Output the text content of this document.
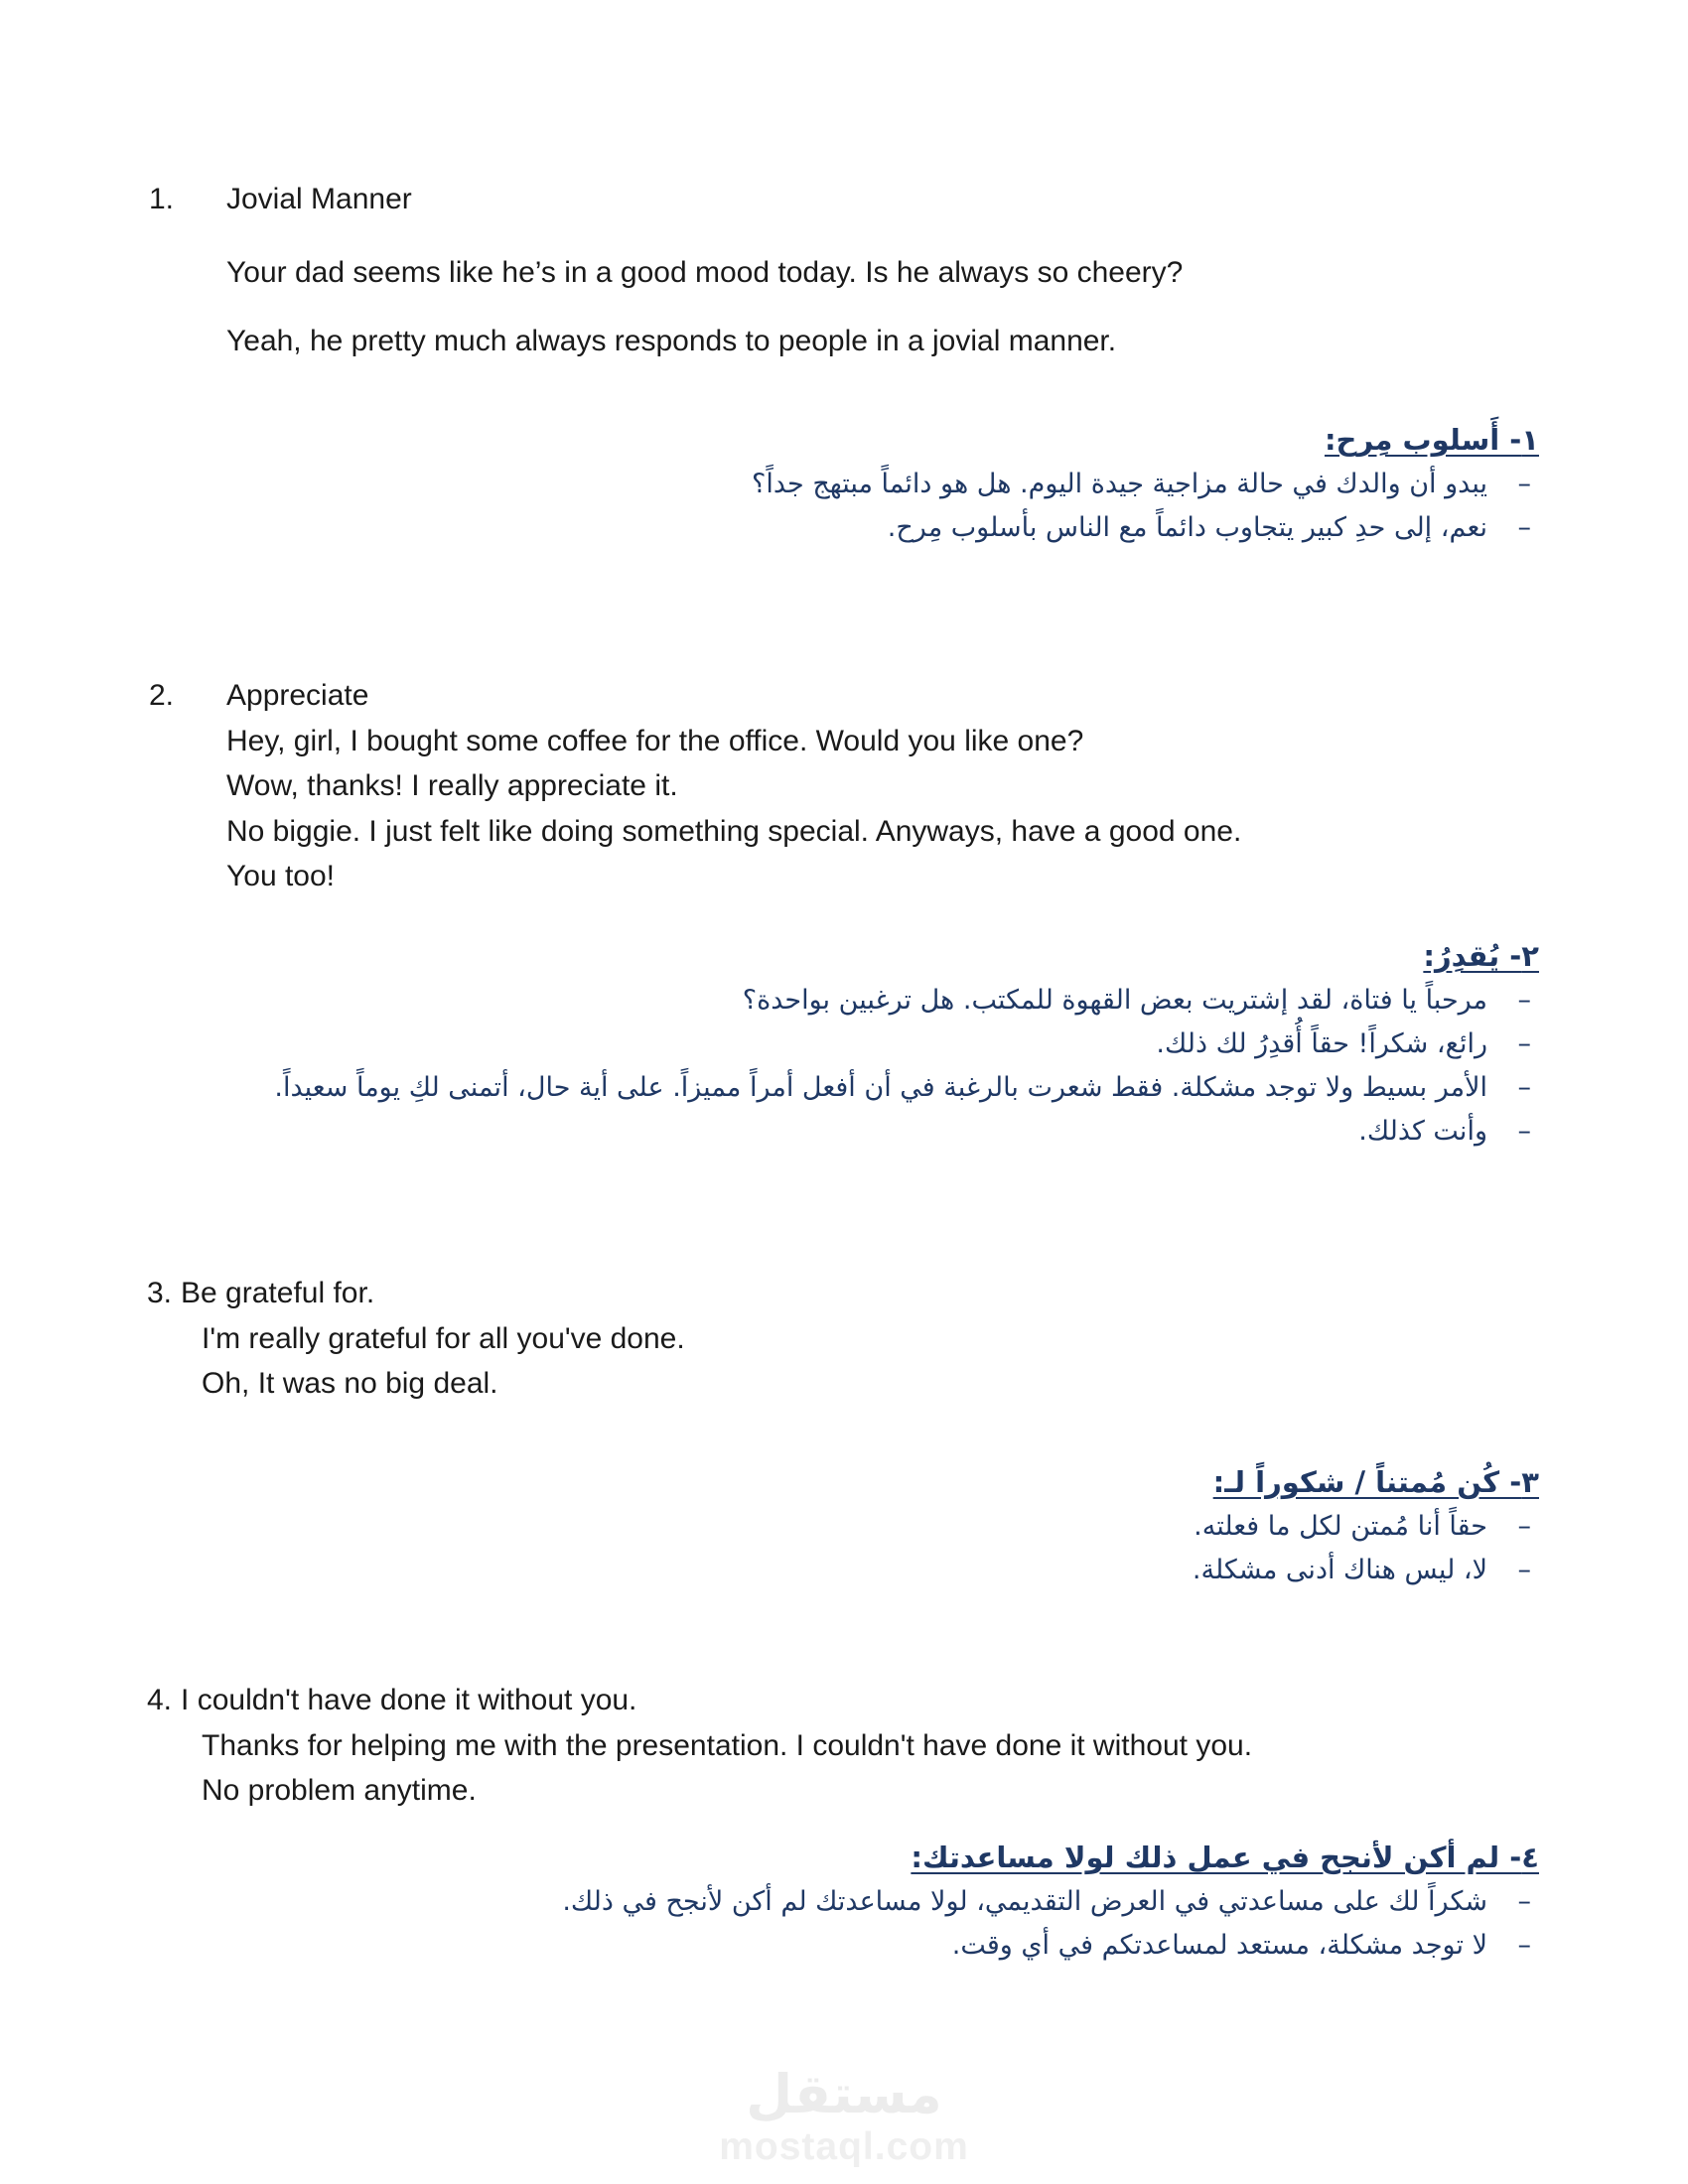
1.	Jovial Manner
Your dad seems like he’s in a good mood today. Is he always so cheery?
Yeah, he pretty much always responds to people in a jovial manner.
١- أَسلوب مِرح:
– يبدو أن والدك في حالة مزاجية جيدة اليوم. هل هو دائماً مبتهج جداً؟
– نعم، إلى حدِ كبير يتجاوب دائماً مع الناس بأسلوب مِرح.
2.	Appreciate
Hey, girl, I bought some coffee for the office. Would you like one?
Wow, thanks! I really appreciate it.
No biggie. I just felt like doing something special. Anyways, have a good one.
You too!
٢- يُقدِرُ:
– مرحباً يا فتاة، لقد إشتريت بعض القهوة للمكتب. هل ترغبين بواحدة؟
– رائع، شكراً! حقاً أُقدِرُ لك ذلك.
– الأمر بسيط ولا توجد مشكلة. فقط شعرت بالرغبة في أن أفعل أمراً مميزاً. على أية حال، أتمنى لكِ يوماً سعيداً.
– وأنت كذلك.
3. Be grateful for.
I'm really grateful for all you've done.
Oh, It was no big deal.
٣- كُن مُمتناً / شكوراً لـ:
– حقاً أنا مُمتن لكل ما فعلته.
– لا، ليس هناك أدنى مشكلة.
4. I couldn't have done it without you.
Thanks for helping me with the presentation. I couldn't have done it without you.
No problem anytime.
٤- لم أكن لأنجح في عمل ذلك لولا مساعدتك:
– شكراً لك على مساعدتي في العرض التقديمي، لولا مساعدتك لم أكن لأنجح في ذلك.
– لا توجد مشكلة، مستعد لمساعدتكم في أي وقت.
مستقل
mostaql.com
